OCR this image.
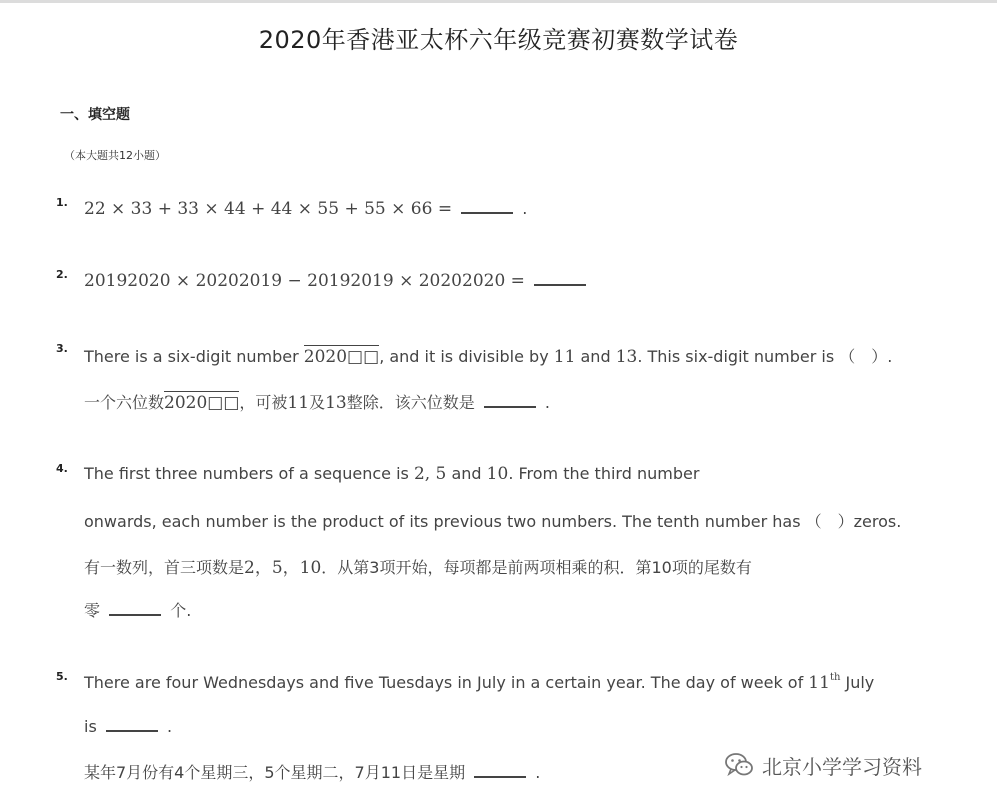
2020年香港亚太杯六年级竞赛初赛数学试卷
一、填空题
（本大题共12小题）
1. 22 × 33 + 33 × 44 + 44 × 55 + 55 × 66 =	.
2. 20192020 × 20202019 − 20192019 × 20202020 =
3. There is a six-digit number 2020□□, and it is divisible by 11 and 13. This six-digit number is （　）.
一个六位数2020□□，可被11及13整除．该六位数是	.
4. The first three numbers of a sequence is 2, 5 and 10. From the third number
onwards, each number is the product of its previous two numbers. The tenth number has （　）zeros.
有一数列，首三项数是2，5，10．从第3项开始，每项都是前两项相乘的积．第10项的尾数有
零	个.
5. There are four Wednesdays and five Tuesdays in July in a certain year. The day of week of 11th July
is	.
某年7月份有4个星期三，5个星期二，7月11日是星期	.	北京小学学习资料
